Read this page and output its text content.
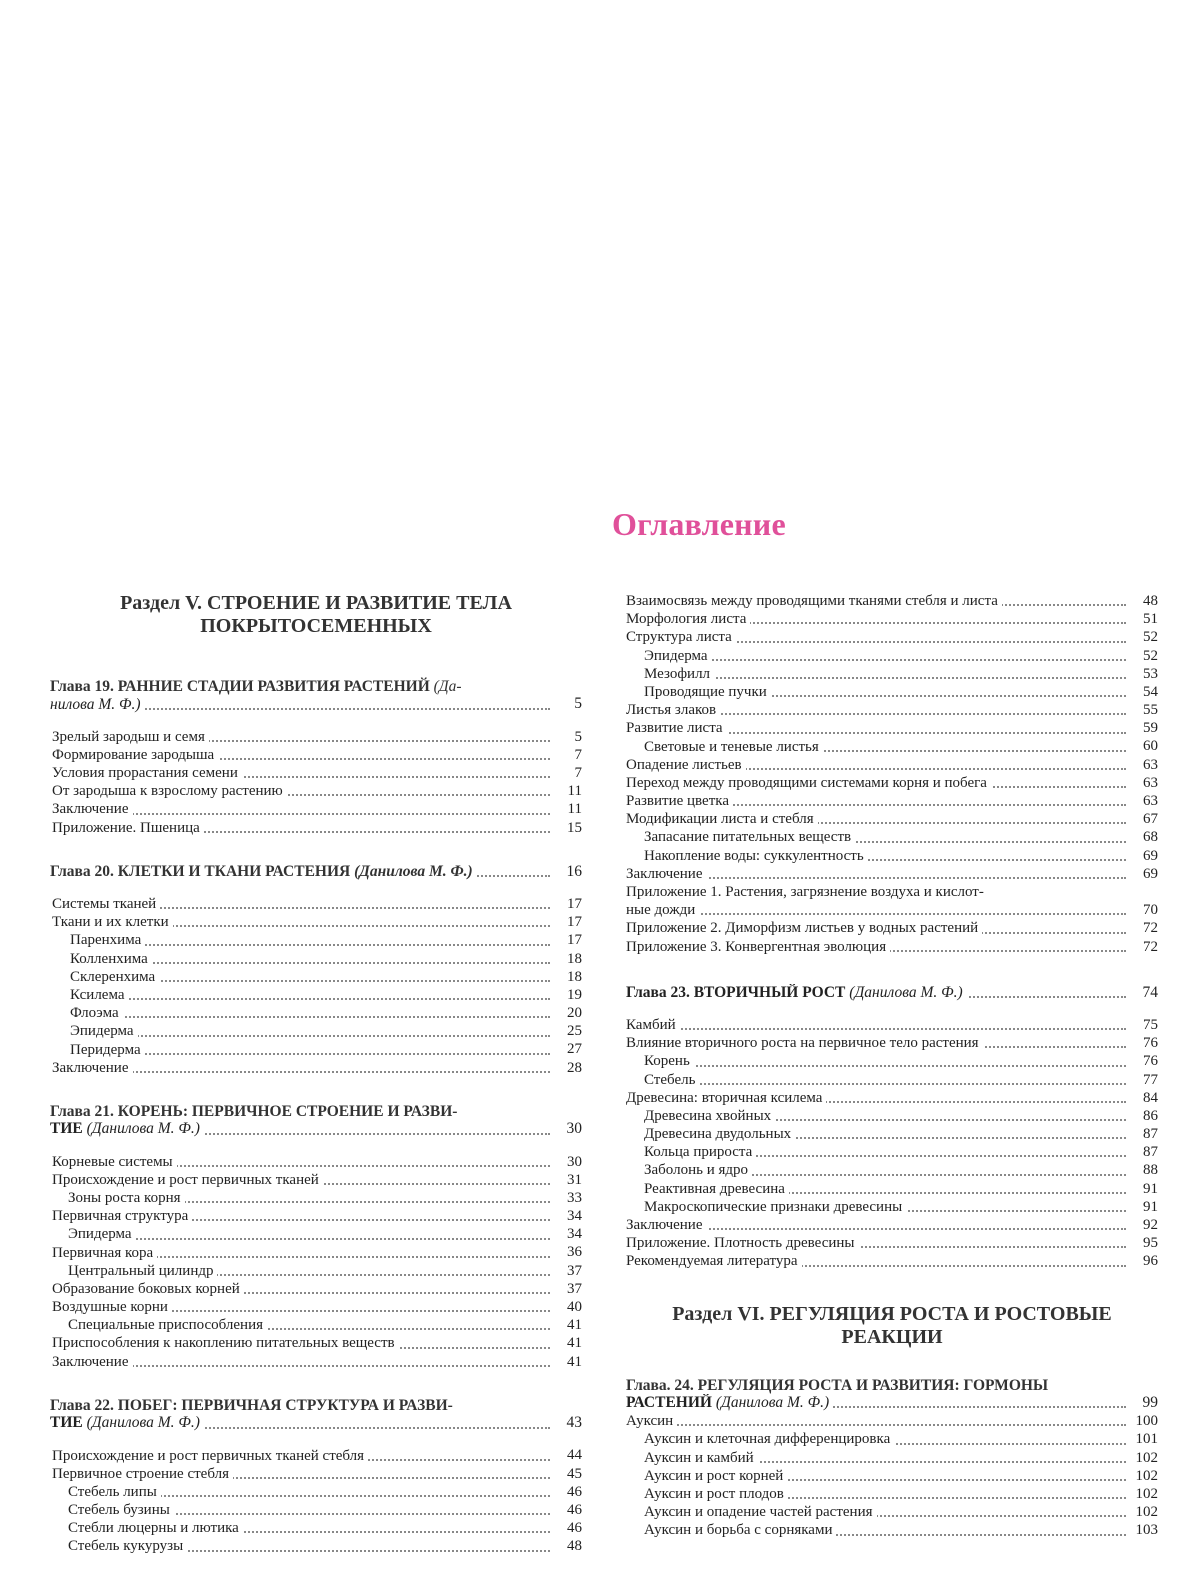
Оглавление
Раздел V. СТРОЕНИЕ И РАЗВИТИЕ ТЕЛА ПОКРЫТОСЕМЕННЫХ
Глава 19. РАННИЕ СТАДИИ РАЗВИТИЯ РАСТЕНИЙ (Да-
нилова М. Ф.)	5
Зрелый зародыш и семя	5
Формирование зародыша	7
Условия прорастания семени	7
От зародыша к взрослому растению	11
Заключение	11
Приложение. Пшеница	15
Глава 20. КЛЕТКИ И ТКАНИ РАСТЕНИЯ (Данилова М. Ф.)	16
Системы тканей	17
Ткани и их клетки	17
Паренхима	17
Колленхима	18
Склеренхима	18
Ксилема	19
Флоэма	20
Эпидерма	25
Перидерма	27
Заключение	28
Глава 21. КОРЕНЬ: ПЕРВИЧНОЕ СТРОЕНИЕ И РАЗВИ-
ТИЕ (Данилова М. Ф.)	30
Корневые системы	30
Происхождение и рост первичных тканей	31
Зоны роста корня	33
Первичная структура	34
Эпидерма	34
Первичная кора	36
Центральный цилиндр	37
Образование боковых корней	37
Воздушные корни	40
Специальные приспособления	41
Приспособления к накоплению питательных веществ	41
Заключение	41
Глава 22. ПОБЕГ: ПЕРВИЧНАЯ СТРУКТУРА И РАЗВИ-
ТИЕ (Данилова М. Ф.)	43
Происхождение и рост первичных тканей стебля	44
Первичное строение стебля	45
Стебель липы	46
Стебель бузины	46
Стебли люцерны и лютика	46
Стебель кукурузы	48
Взаимосвязь между проводящими тканями стебля и листа	48
Морфология листа	51
Структура листа	52
Эпидерма	52
Мезофилл	53
Проводящие пучки	54
Листья злаков	55
Развитие листа	59
Световые и теневые листья	60
Опадение листьев	63
Переход между проводящими системами корня и побега	63
Развитие цветка	63
Модификации листа и стебля	67
Запасание питательных веществ	68
Накопление воды: суккулентность	69
Заключение	69
Приложение 1. Растения, загрязнение воздуха и кислот-
ные дожди	70
Приложение 2. Диморфизм листьев у водных растений	72
Приложение 3. Конвергентная эволюция	72
Глава 23. ВТОРИЧНЫЙ РОСТ (Данилова М. Ф.)	74
Камбий	75
Влияние вторичного роста на первичное тело растения	76
Корень	76
Стебель	77
Древесина: вторичная ксилема	84
Древесина хвойных	86
Древесина двудольных	87
Кольца прироста	87
Заболонь и ядро	88
Реактивная древесина	91
Макроскопические признаки древесины	91
Заключение	92
Приложение. Плотность древесины	95
Рекомендуемая литература	96
Раздел VI. РЕГУЛЯЦИЯ РОСТА И РОСТОВЫЕ
РЕАКЦИИ
Глава. 24. РЕГУЛЯЦИЯ РОСТА И РАЗВИТИЯ: ГОРМОНЫ
РАСТЕНИЙ (Данилова М. Ф.)	99
Ауксин	100
Ауксин и клеточная дифференцировка	101
Ауксин и камбий	102
Ауксин и рост корней	102
Ауксин и рост плодов	102
Ауксин и опадение частей растения	102
Ауксин и борьба с сорняками	103
